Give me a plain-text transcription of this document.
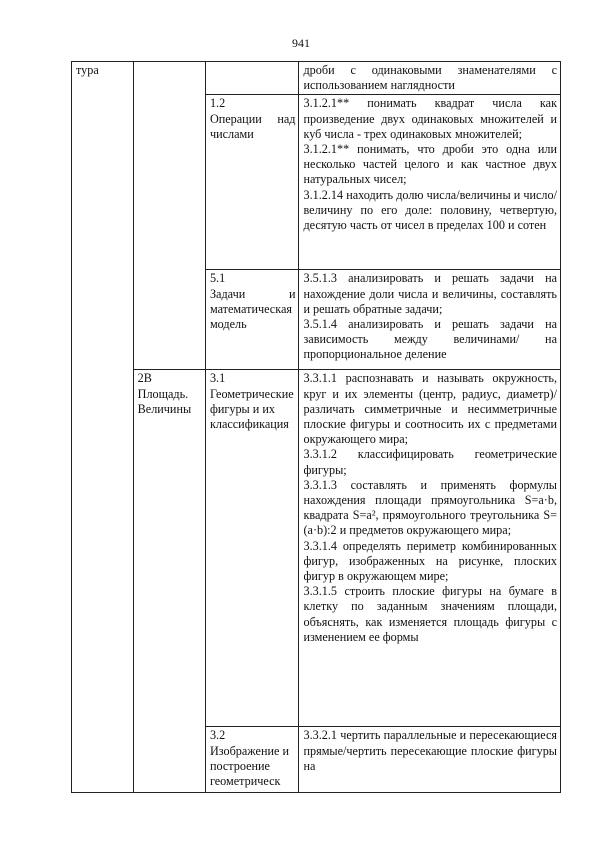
941
тура			дроби с одинаковыми знаменателями с использованием наглядности

		1.2
Операции над числами	3.1.2.1** понимать квадрат числа как произведение двух одинаковых множителей и куб числа - трех одинаковых множителей;
3.1.2.1** понимать, что дроби это одна или несколько частей целого и как частное двух натуральных чисел;
3.1.2.14 находить долю числа/величины и число/величину по его доле: половину, четвертую, десятую часть от чисел в пределах 100 и сотен

		5.1
Задачи и математическая модель	3.5.1.3 анализировать и решать задачи на нахождение доли числа и величины, составлять и решать обратные задачи;
3.5.1.4 анализировать и решать задачи на зависимость между величинами/ на пропорциональное деление

	2В Площадь. Величины	3.1
Геометрические фигуры и их классификация	3.3.1.1 распознавать и называть окружность, круг и их элементы (центр, радиус, диаметр)/ различать симметричные и несимметричные плоские фигуры и соотносить их с предметами окружающего мира;
3.3.1.2 классифицировать геометрические фигуры;
3.3.1.3 составлять и применять формулы нахождения площади прямоугольника S=a·b, квадрата S=a², прямоугольного треугольника S=(a·b):2 и предметов окружающего мира;
3.3.1.4 определять периметр комбинированных фигур, изображенных на рисунке, плоских фигур в окружающем мире;
3.3.1.5 строить плоские фигуры на бумаге в клетку по заданным значениям площади, объяснять, как изменяется площадь фигуры с изменением ее формы

		3.2
Изображение и построение геометрическ	3.3.2.1 чертить параллельные и пересекающиеся прямые/чертить пересекающие плоские фигуры на
